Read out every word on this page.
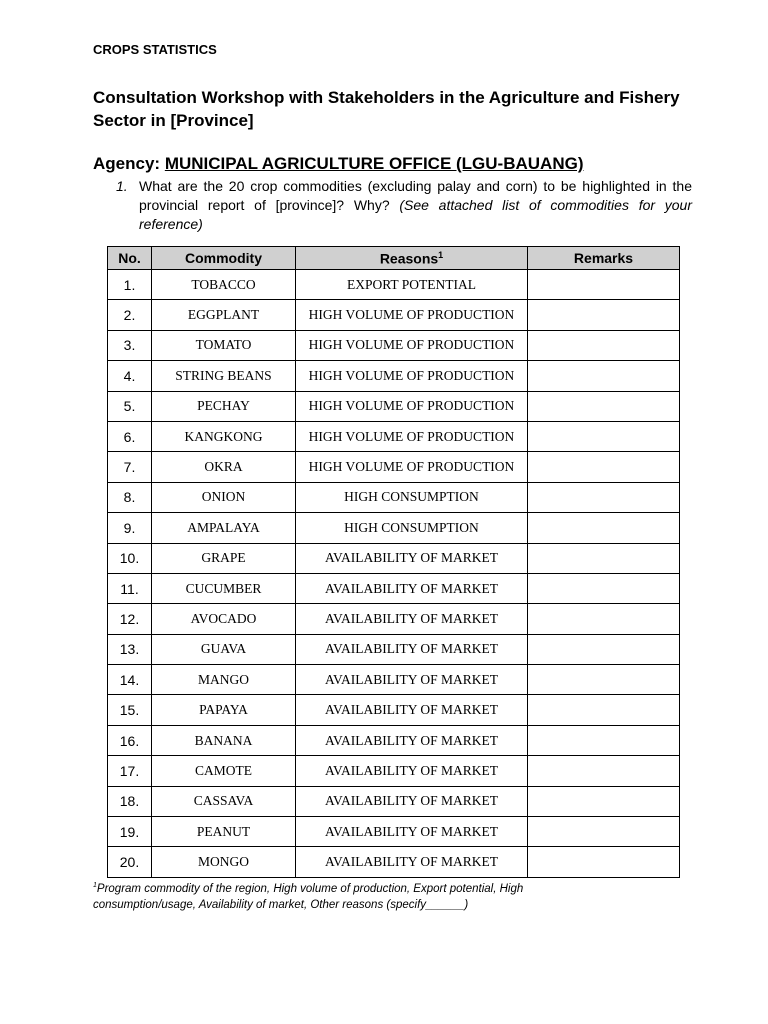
CROPS STATISTICS
Consultation Workshop with Stakeholders in the Agriculture and Fishery Sector in [Province]
Agency: MUNICIPAL AGRICULTURE OFFICE (LGU-BAUANG)
1. What are the 20 crop commodities (excluding palay and corn) to be highlighted in the provincial report of [province]? Why? (See attached list of commodities for your reference)
No.	Commodity	Reasons$^1$	Remarks
1.	TOBACCO	EXPORT POTENTIAL	
2.	EGGPLANT	HIGH VOLUME OF PRODUCTION	
3.	TOMATO	HIGH VOLUME OF PRODUCTION	
4.	STRING BEANS	HIGH VOLUME OF PRODUCTION	
5.	PECHAY	HIGH VOLUME OF PRODUCTION	
6.	KANGKONG	HIGH VOLUME OF PRODUCTION	
7.	OKRA	HIGH VOLUME OF PRODUCTION	
8.	ONION	HIGH CONSUMPTION	
9.	AMPALAYA	HIGH CONSUMPTION	
10.	GRAPE	AVAILABILITY OF MARKET	
11.	CUCUMBER	AVAILABILITY OF MARKET	
12.	AVOCADO	AVAILABILITY OF MARKET	
13.	GUAVA	AVAILABILITY OF MARKET	
14.	MANGO	AVAILABILITY OF MARKET	
15.	PAPAYA	AVAILABILITY OF MARKET	
16.	BANANA	AVAILABILITY OF MARKET	
17.	CAMOTE	AVAILABILITY OF MARKET	
18.	CASSAVA	AVAILABILITY OF MARKET	
19.	PEANUT	AVAILABILITY OF MARKET	
20.	MONGO	AVAILABILITY OF MARKET	
$^1$Program commodity of the region, High volume of production, Export potential, High consumption/usage, Availability of market, Other reasons (specify______)
